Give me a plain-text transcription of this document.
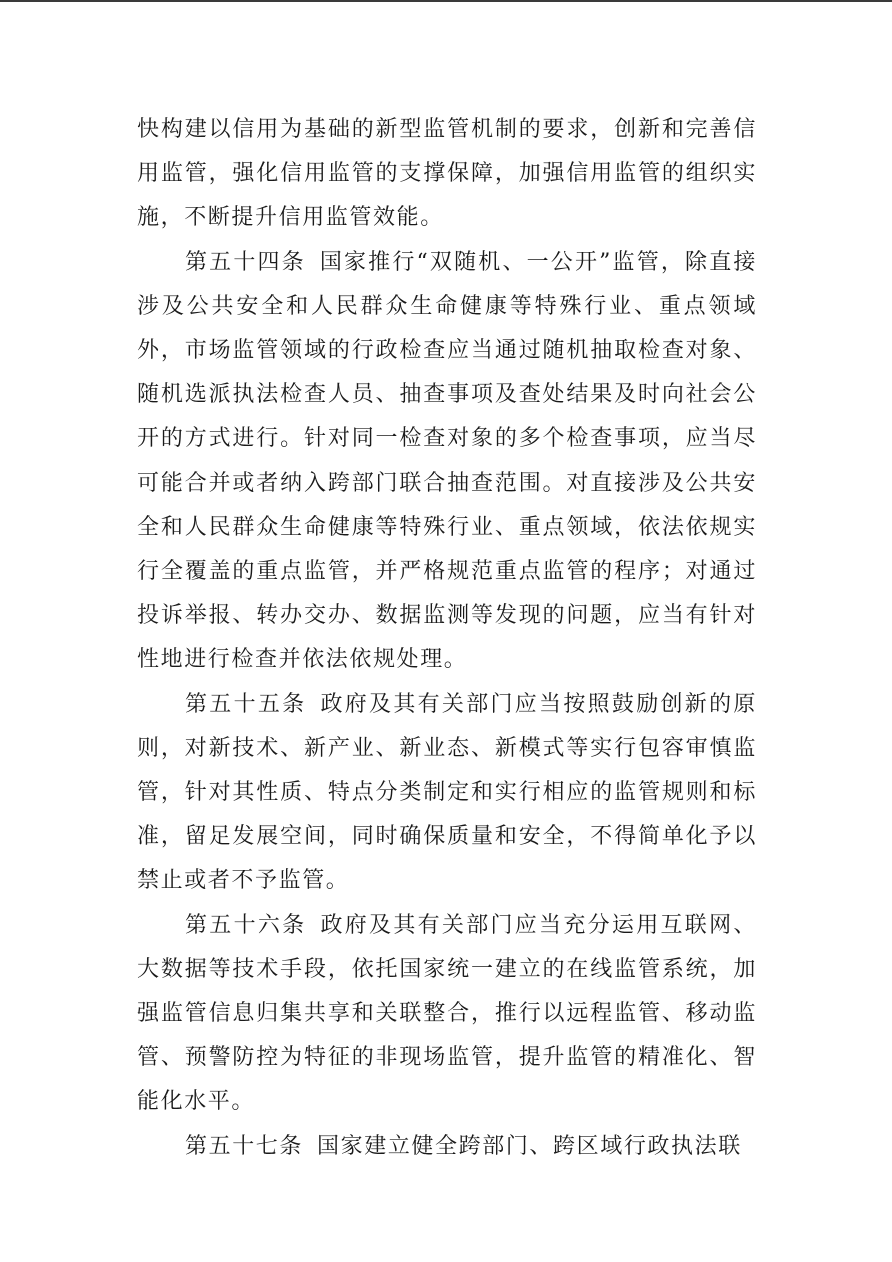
快构建以信用为基础的新型监管机制的要求，创新和完善信用监管，强化信用监管的支撑保障，加强信用监管的组织实施，不断提升信用监管效能。

第五十四条 国家推行“双随机、一公开”监管，除直接涉及公共安全和人民群众生命健康等特殊行业、重点领域外，市场监管领域的行政检查应当通过随机抽取检查对象、随机选派执法检查人员、抽查事项及查处结果及时向社会公开的方式进行。针对同一检查对象的多个检查事项，应当尽可能合并或者纳入跨部门联合抽查范围。对直接涉及公共安全和人民群众生命健康等特殊行业、重点领域，依法依规实行全覆盖的重点监管，并严格规范重点监管的程序；对通过投诉举报、转办交办、数据监测等发现的问题，应当有针对性地进行检查并依法依规处理。

第五十五条 政府及其有关部门应当按照鼓励创新的原则，对新技术、新产业、新业态、新模式等实行包容审慎监管，针对其性质、特点分类制定和实行相应的监管规则和标准，留足发展空间，同时确保质量和安全，不得简单化予以禁止或者不予监管。

第五十六条 政府及其有关部门应当充分运用互联网、大数据等技术手段，依托国家统一建立的在线监管系统，加强监管信息归集共享和关联整合，推行以远程监管、移动监管、预警防控为特征的非现场监管，提升监管的精准化、智能化水平。

第五十七条 国家建立健全跨部门、跨区域行政执法联
